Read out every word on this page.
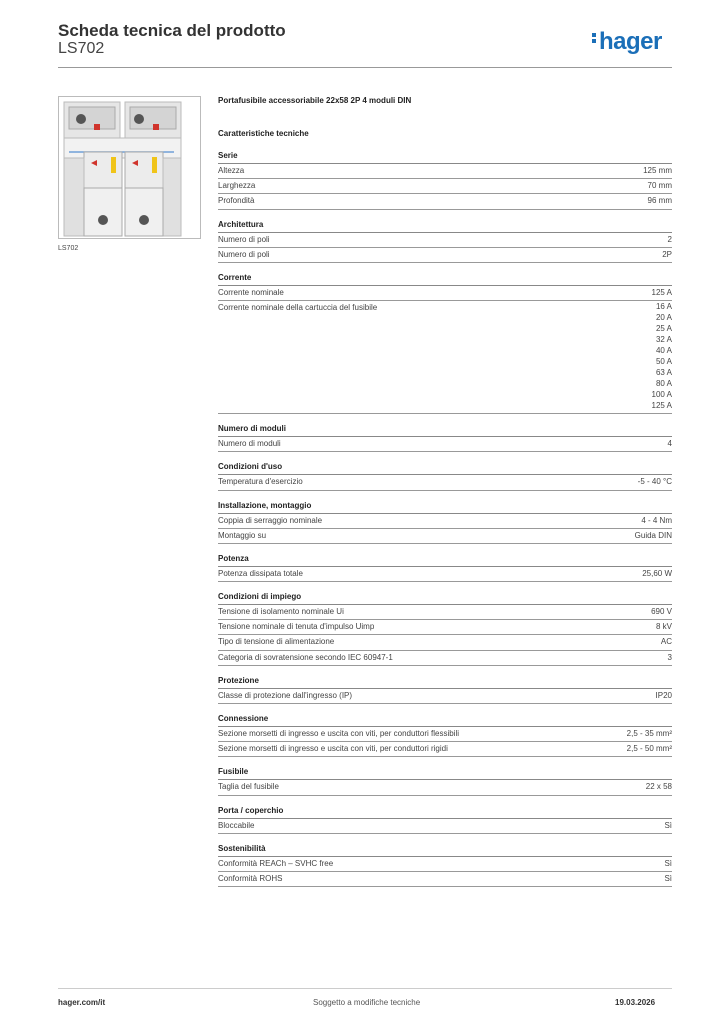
Scheda tecnica del prodotto
LS702	hager
LS702
Portafusibile accessoriabile 22x58 2P 4 moduli DIN
Caratteristiche tecniche
Serie
Altezza	125 mm
Larghezza	70 mm
Profondità	96 mm
Architettura
Numero di poli	2
Numero di poli	2P
Corrente
Corrente nominale	125 A
Corrente nominale della cartuccia del fusibile	16 A
20 A
25 A
32 A
40 A
50 A
63 A
80 A
100 A
125 A
Numero di moduli
Numero di moduli	4
Condizioni d'uso
Temperatura d'esercizio	-5 - 40 °C
Installazione, montaggio
Coppia di serraggio nominale	4 - 4 Nm
Montaggio su	Guida DIN
Potenza
Potenza dissipata totale	25,60 W
Condizioni di impiego
Tensione di isolamento nominale Ui	690 V
Tensione nominale di tenuta d'impulso Uimp	8 kV
Tipo di tensione di alimentazione	AC
Categoria di sovratensione secondo IEC 60947-1	3
Protezione
Classe di protezione dall'ingresso (IP)	IP20
Connessione
Sezione morsetti di ingresso e uscita con viti, per conduttori flessibili	2,5 - 35 mm²
Sezione morsetti di ingresso e uscita con viti, per conduttori rigidi	2,5 - 50 mm²
Fusibile
Taglia del fusibile	22 x 58
Porta / coperchio
Bloccabile	Sì
Sostenibilità
Conformità REACh – SVHC free	Sì
Conformità ROHS	Sì
hager.com/it	Soggetto a modifiche tecniche	19.03.2026
